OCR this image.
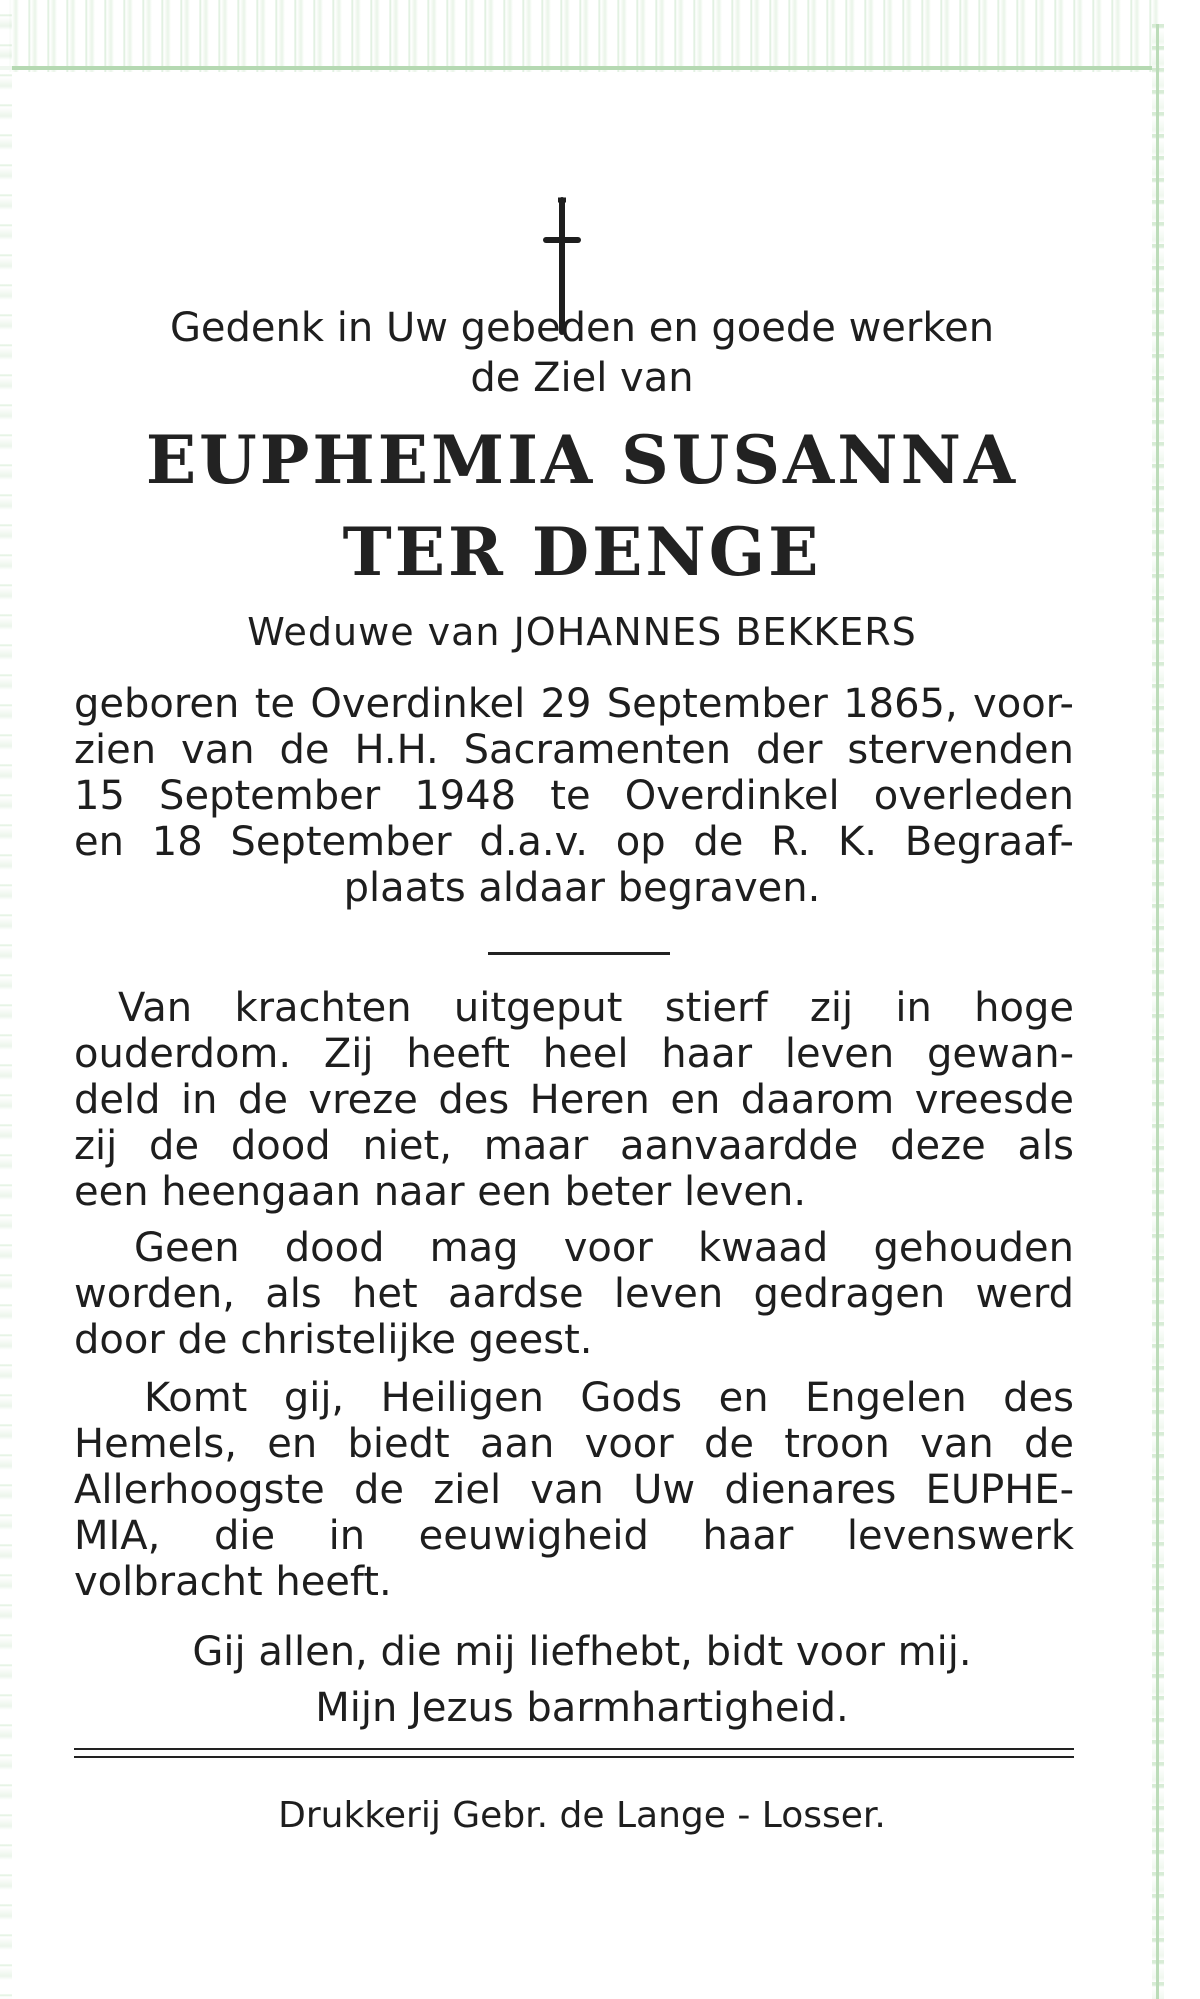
Gedenk in Uw gebeden en goede werken

de Ziel van

EUPHEMIA SUSANNA

TER DENGE

Weduwe van JOHANNES BEKKERS

geboren te Overdinkel 29 September 1865, voor-

zien van de H.H. Sacramenten der stervenden

15 September 1948 te Overdinkel overleden

en 18 September d.a.v. op de R. K. Begraaf-

plaats aldaar begraven.

Van krachten uitgeput stierf zij in hoge

ouderdom. Zij heeft heel haar leven gewan-

deld in de vreze des Heren en daarom vreesde

zij de dood niet, maar aanvaardde deze als

een heengaan naar een beter leven.

Geen dood mag voor kwaad gehouden

worden, als het aardse leven gedragen werd

door de christelijke geest.

Komt gij, Heiligen Gods en Engelen des

Hemels, en biedt aan voor de troon van de

Allerhoogste de ziel van Uw dienares EUPHE-

MIA, die in eeuwigheid haar levenswerk

volbracht heeft.

Gij allen, die mij liefhebt, bidt voor mij.

Mijn Jezus barmhartigheid.

Drukkerij Gebr. de Lange - Losser.
